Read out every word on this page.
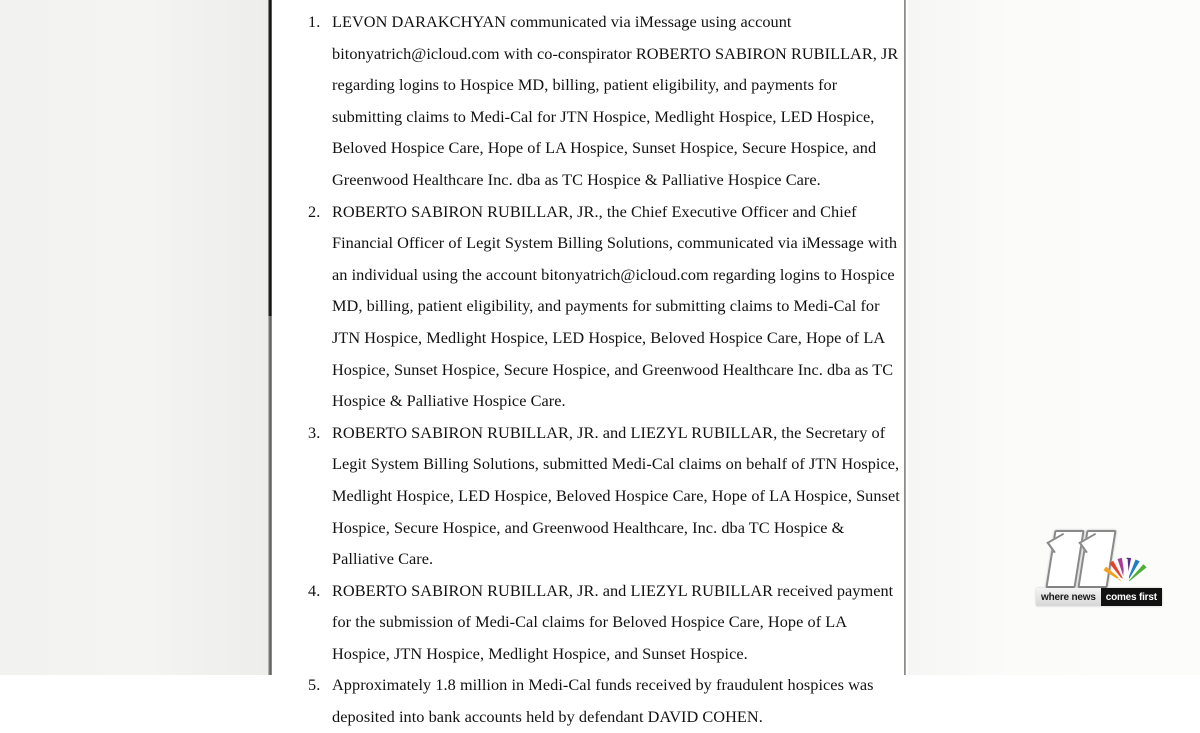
1. LEVON DARAKCHYAN communicated via iMessage using account bitonyatrich@icloud.com with co-conspirator ROBERTO SABIRON RUBILLAR, JR regarding logins to Hospice MD, billing, patient eligibility, and payments for submitting claims to Medi-Cal for JTN Hospice, Medlight Hospice, LED Hospice, Beloved Hospice Care, Hope of LA Hospice, Sunset Hospice, Secure Hospice, and Greenwood Healthcare Inc. dba as TC Hospice & Palliative Hospice Care.
2. ROBERTO SABIRON RUBILLAR, JR., the Chief Executive Officer and Chief Financial Officer of Legit System Billing Solutions, communicated via iMessage with an individual using the account bitonyatrich@icloud.com regarding logins to Hospice MD, billing, patient eligibility, and payments for submitting claims to Medi-Cal for JTN Hospice, Medlight Hospice, LED Hospice, Beloved Hospice Care, Hope of LA Hospice, Sunset Hospice, Secure Hospice, and Greenwood Healthcare Inc. dba as TC Hospice & Palliative Hospice Care.
3. ROBERTO SABIRON RUBILLAR, JR. and LIEZYL RUBILLAR, the Secretary of Legit System Billing Solutions, submitted Medi-Cal claims on behalf of JTN Hospice, Medlight Hospice, LED Hospice, Beloved Hospice Care, Hope of LA Hospice, Sunset Hospice, Secure Hospice, and Greenwood Healthcare, Inc. dba TC Hospice & Palliative Care.
4. ROBERTO SABIRON RUBILLAR, JR. and LIEZYL RUBILLAR received payment for the submission of Medi-Cal claims for Beloved Hospice Care, Hope of LA Hospice, JTN Hospice, Medlight Hospice, and Sunset Hospice.
5. Approximately 1.8 million in Medi-Cal funds received by fraudulent hospices was deposited into bank accounts held by defendant DAVID COHEN.
where news	comes first
